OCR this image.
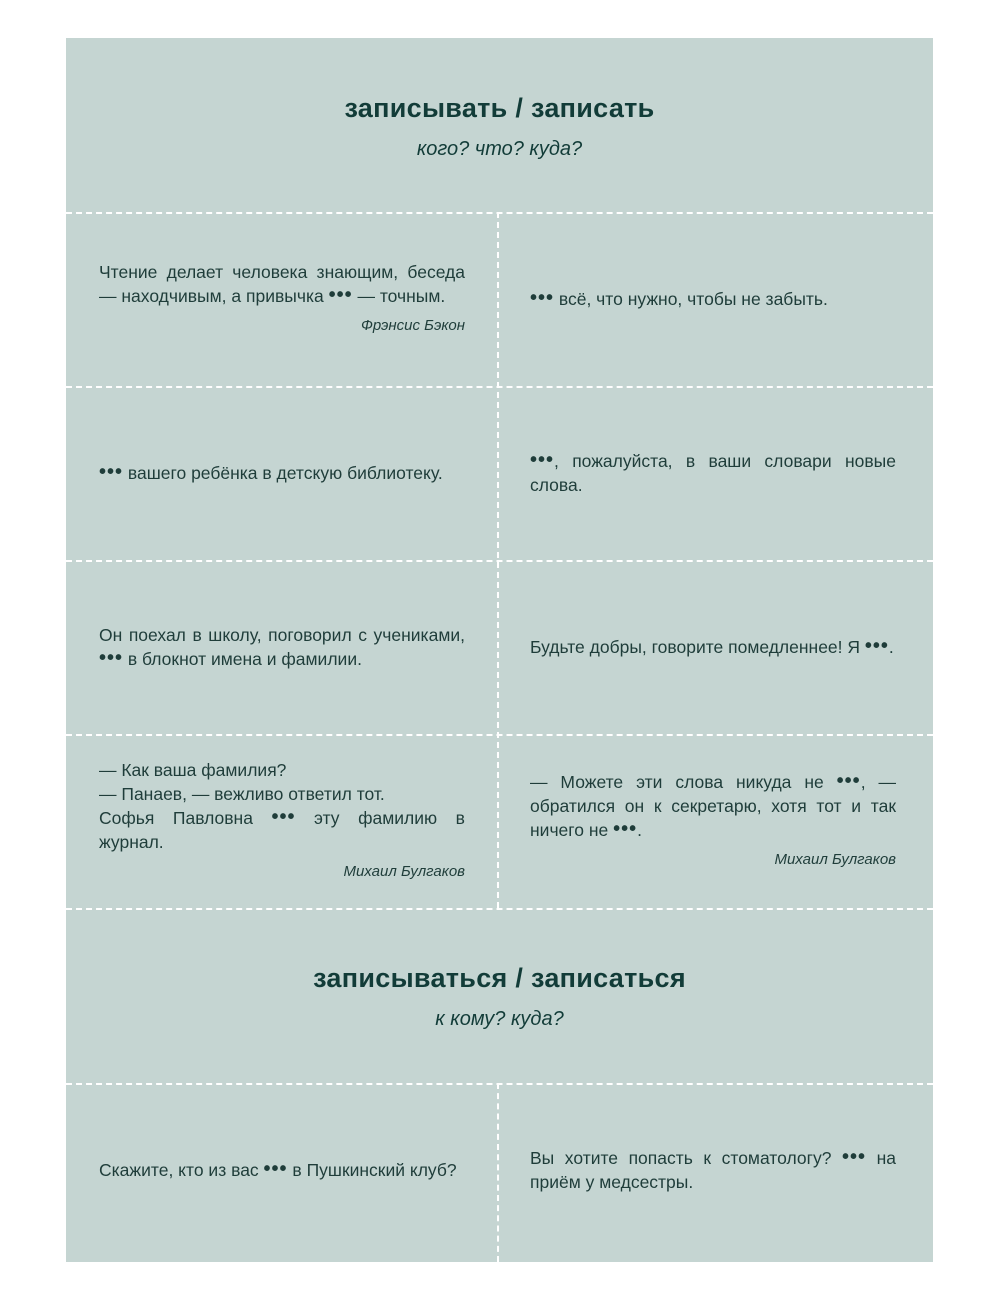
записывать / записать
кого? что? куда?
Чтение делает человека знающим, беседа — находчивым, а привычка ••• — точным.
Фрэнсис Бэкон
••• всё, что нужно, чтобы не забыть.
••• вашего ребёнка в детскую библиотеку.
•••, пожалуйста, в ваши словари новые слова.
Он поехал в школу, поговорил с учениками, ••• в блокнот имена и фамилии.
Будьте добры, говорите помедленнее! Я •••.
— Как ваша фамилия?
— Панаев, — вежливо ответил тот.
Софья Павловна ••• эту фамилию в журнал.
Михаил Булгаков
— Можете эти слова никуда не •••, — обратился он к секретарю, хотя тот и так ничего не •••.
Михаил Булгаков
записываться / записаться
к кому? куда?
Скажите, кто из вас ••• в Пушкинский клуб?
Вы хотите попасть к стоматологу? ••• на приём у медсестры.
